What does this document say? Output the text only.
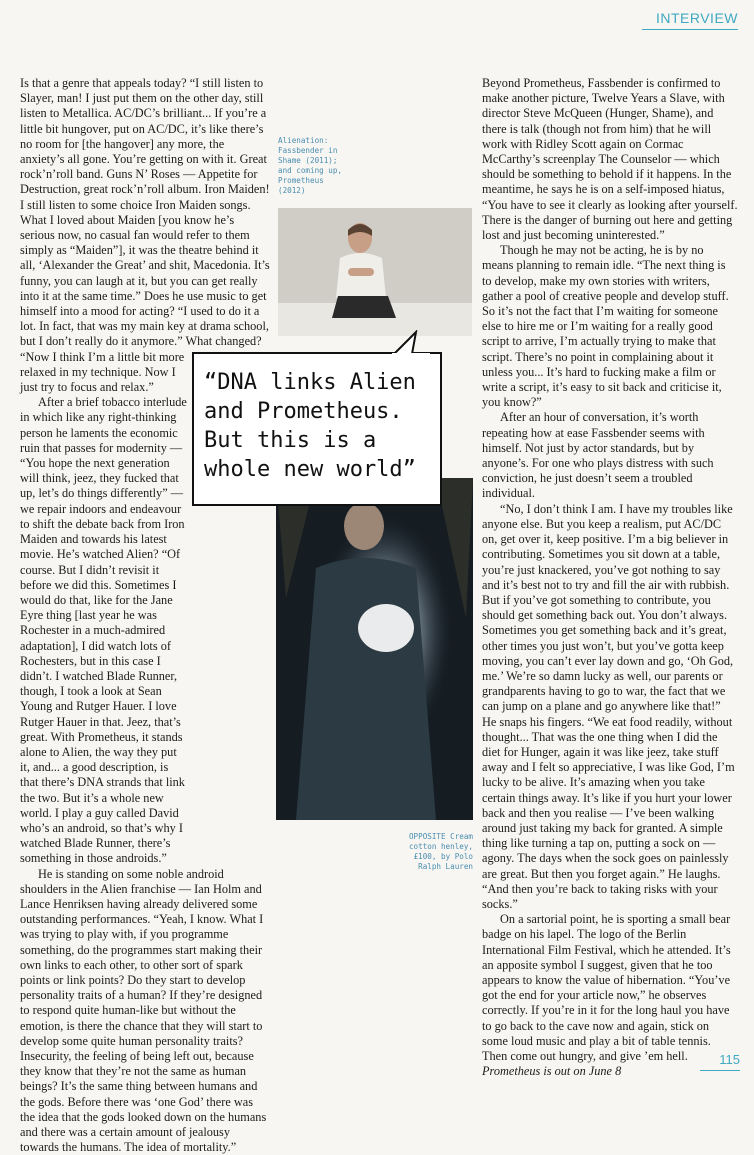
INTERVIEW

Is that a genre that appeals today? “I still listen to Slayer, man! I just put them on the other day, still listen to Metallica. AC/DC’s brilliant... If you’re a little bit hungover, put on AC/DC, it’s like there’s no room for [the hangover] any more, the anxiety’s all gone. You’re getting on with it. Great rock’n’roll band. Guns N’ Roses — Appetite for Destruction, great rock’n’roll album. Iron Maiden! I still listen to some choice Iron Maiden songs. What I loved about Maiden [you know he’s serious now, no casual fan would refer to them simply as “Maiden”], it was the theatre behind it all, ‘Alexander the Great’ and shit, Macedonia. It’s funny, you can laugh at it, but you can get really into it at the same time.” Does he use music to get himself into a mood for acting? “I used to do it a lot. In fact, that was my main key at drama school, but I don’t really do it anymore.” What changed?

“Now I think I’m a little bit more relaxed in my technique. Now I just try to focus and relax.”

After a brief tobacco interlude in which like any right-thinking person he laments the economic ruin that passes for modernity — “You hope the next generation will think, jeez, they fucked that up, let’s do things differently” — we repair indoors and endeavour to shift the debate back from Iron Maiden and towards his latest movie. He’s watched Alien? “Of course. But I didn’t revisit it before we did this. Sometimes I would do that, like for the Jane Eyre thing [last year he was Rochester in a much-admired adaptation], I did watch lots of Rochesters, but in this case I didn’t. I watched Blade Runner, though, I took a look at Sean Young and Rutger Hauer. I love Rutger Hauer in that. Jeez, that’s great. With Prometheus, it stands alone to Alien, the way they put it, and... a good description, is that there’s DNA strands that link the two. But it’s a whole new world. I play a guy called David who’s an android, so that’s why I watched Blade Runner, there’s something in those androids.”

He is standing on some noble android shoulders in the Alien franchise — Ian Holm and Lance Henriksen having already delivered some outstanding performances. “Yeah, I know. What I was trying to play with, if you programme something, do the programmes start making their own links to each other, to other sort of spark points or link points? Do they start to develop personality traits of a human? If they’re designed to respond quite human-like but without the emotion, is there the chance that they will start to develop some quite human personality traits? Insecurity, the feeling of being left out, because they know that they’re not the same as human beings? It’s the same thing between humans and the gods. Before there was ‘one God’ there was the idea that the gods looked down on the humans and there was a certain amount of jealousy towards the humans. The idea of mortality.”

Alienation: Fassbender in Shame (2011); and coming up, Prometheus (2012)
“DNA links Alien and Prometheus. But this is a whole new world”
OPPOSITE Cream cotton henley, £100, by Polo Ralph Lauren

Beyond Prometheus, Fassbender is confirmed to make another picture, Twelve Years a Slave, with director Steve McQueen (Hunger, Shame), and there is talk (though not from him) that he will work with Ridley Scott again on Cormac McCarthy’s screenplay The Counselor — which should be something to behold if it happens. In the meantime, he says he is on a self-imposed hiatus, “You have to see it clearly as looking after yourself. There is the danger of burning out here and getting lost and just becoming uninterested.”

Though he may not be acting, he is by no means planning to remain idle. “The next thing is to develop, make my own stories with writers, gather a pool of creative people and develop stuff. So it’s not the fact that I’m waiting for someone else to hire me or I’m waiting for a really good script to arrive, I’m actually trying to make that script. There’s no point in complaining about it unless you... It’s hard to fucking make a film or write a script, it’s easy to sit back and criticise it, you know?”

After an hour of conversation, it’s worth repeating how at ease Fassbender seems with himself. Not just by actor standards, but by anyone’s. For one who plays distress with such conviction, he just doesn’t seem a troubled individual.

“No, I don’t think I am. I have my troubles like anyone else. But you keep a realism, put AC/DC on, get over it, keep positive. I’m a big believer in contributing. Sometimes you sit down at a table, you’re just knackered, you’ve got nothing to say and it’s best not to try and fill the air with rubbish. But if you’ve got something to contribute, you should get something back out. You don’t always. Sometimes you get something back and it’s great, other times you just won’t, but you’ve gotta keep moving, you can’t ever lay down and go, ‘Oh God, me.’ We’re so damn lucky as well, our parents or grandparents having to go to war, the fact that we can jump on a plane and go anywhere like that!” He snaps his fingers. “We eat food readily, without thought... That was the one thing when I did the diet for Hunger, again it was like jeez, take stuff away and I felt so appreciative, I was like God, I’m lucky to be alive. It’s amazing when you take certain things away. It’s like if you hurt your lower back and then you realise — I’ve been walking around just taking my back for granted. A simple thing like turning a tap on, putting a sock on — agony. The days when the sock goes on painlessly are great. But then you forget again.” He laughs. “And then you’re back to taking risks with your socks.”

On a sartorial point, he is sporting a small bear badge on his lapel. The logo of the Berlin International Film Festival, which he attended. It’s an apposite symbol I suggest, given that he too appears to know the value of hibernation. “You’ve got the end for your article now,” he observes correctly. If you’re in it for the long haul you have to go back to the cave now and again, stick on some loud music and play a bit of table tennis. Then come out hungry, and give ’em hell.

Prometheus is out on June 8

115
